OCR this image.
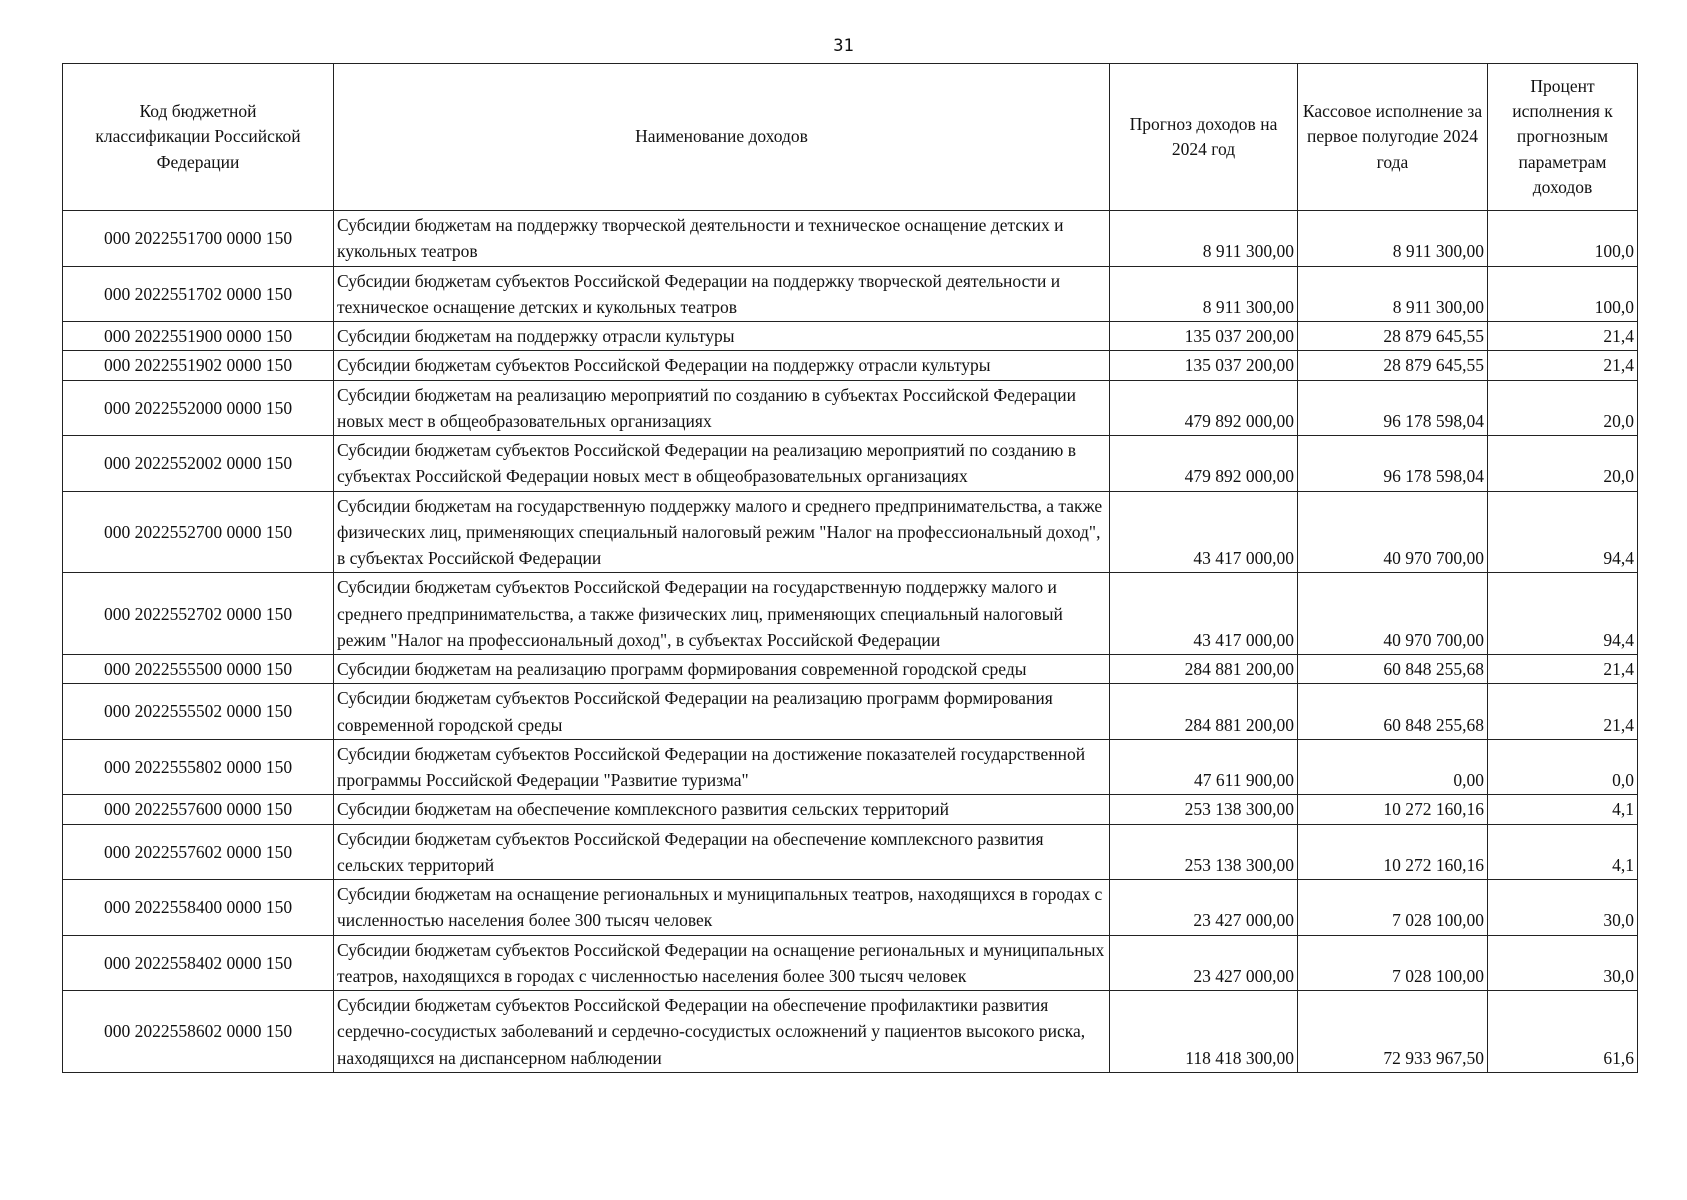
31
Код бюджетной классификации Российской Федерации	Наименование доходов	Прогноз доходов на 2024 год	Кассовое исполнение за первое полугодие 2024 года	Процент исполнения к прогнозным параметрам доходов
000 2022551700 0000 150	Субсидии бюджетам на поддержку творческой деятельности и техническое оснащение детских и кукольных театров	8 911 300,00	8 911 300,00	100,0
000 2022551702 0000 150	Субсидии бюджетам субъектов Российской Федерации на поддержку творческой деятельности и техническое оснащение детских и кукольных театров	8 911 300,00	8 911 300,00	100,0
000 2022551900 0000 150	Субсидии бюджетам на поддержку отрасли культуры	135 037 200,00	28 879 645,55	21,4
000 2022551902 0000 150	Субсидии бюджетам субъектов Российской Федерации на поддержку отрасли культуры	135 037 200,00	28 879 645,55	21,4
000 2022552000 0000 150	Субсидии бюджетам на реализацию мероприятий по созданию в субъектах Российской Федерации новых мест в общеобразовательных организациях	479 892 000,00	96 178 598,04	20,0
000 2022552002 0000 150	Субсидии бюджетам субъектов Российской Федерации на реализацию мероприятий по созданию в субъектах Российской Федерации новых мест в общеобразовательных организациях	479 892 000,00	96 178 598,04	20,0
000 2022552700 0000 150	Субсидии бюджетам на государственную поддержку малого и среднего предпринимательства, а также физических лиц, применяющих специальный налоговый режим "Налог на профессиональный доход", в субъектах Российской Федерации	43 417 000,00	40 970 700,00	94,4
000 2022552702 0000 150	Субсидии бюджетам субъектов Российской Федерации на государственную поддержку малого и среднего предпринимательства, а также физических лиц, применяющих специальный налоговый режим "Налог на профессиональный доход", в субъектах Российской Федерации	43 417 000,00	40 970 700,00	94,4
000 2022555500 0000 150	Субсидии бюджетам на реализацию программ формирования современной городской среды	284 881 200,00	60 848 255,68	21,4
000 2022555502 0000 150	Субсидии бюджетам субъектов Российской Федерации на реализацию программ формирования современной городской среды	284 881 200,00	60 848 255,68	21,4
000 2022555802 0000 150	Субсидии бюджетам субъектов Российской Федерации на достижение показателей государственной программы Российской Федерации "Развитие туризма"	47 611 900,00	0,00	0,0
000 2022557600 0000 150	Субсидии бюджетам на обеспечение комплексного развития сельских территорий	253 138 300,00	10 272 160,16	4,1
000 2022557602 0000 150	Субсидии бюджетам субъектов Российской Федерации на обеспечение комплексного развития сельских территорий	253 138 300,00	10 272 160,16	4,1
000 2022558400 0000 150	Субсидии бюджетам на оснащение региональных и муниципальных театров, находящихся в городах с численностью населения более 300 тысяч человек	23 427 000,00	7 028 100,00	30,0
000 2022558402 0000 150	Субсидии бюджетам субъектов Российской Федерации на оснащение региональных и муниципальных театров, находящихся в городах с численностью населения более 300 тысяч человек	23 427 000,00	7 028 100,00	30,0
000 2022558602 0000 150	Субсидии бюджетам субъектов Российской Федерации на обеспечение профилактики развития сердечно-сосудистых заболеваний и сердечно-сосудистых осложнений у пациентов высокого риска, находящихся на диспансерном наблюдении	118 418 300,00	72 933 967,50	61,6
